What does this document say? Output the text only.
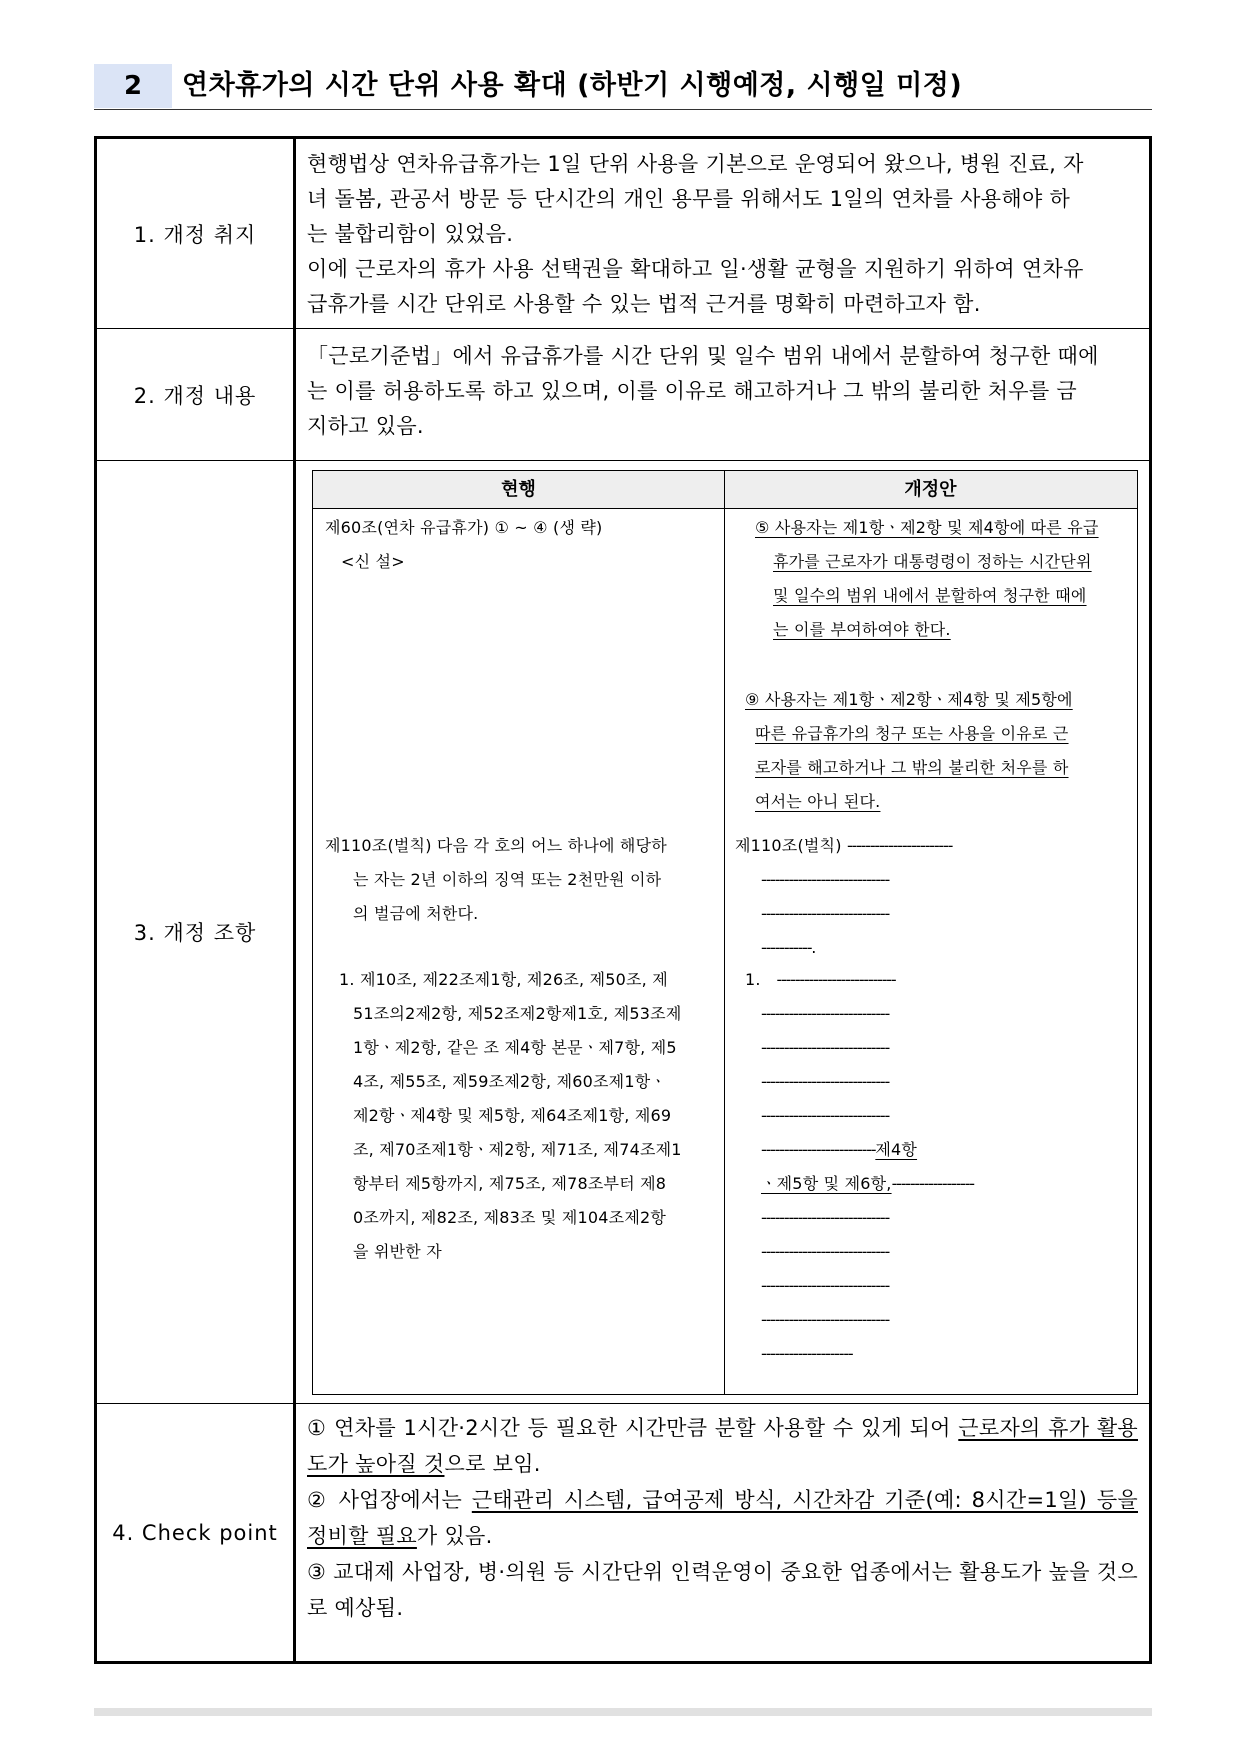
2	연차휴가의 시간 단위 사용 확대 (하반기 시행예정, 시행일 미정)
1. 개정 취지

현행법상 연차유급휴가는 1일 단위 사용을 기본으로 운영되어 왔으나, 병원 진료, 자

녀 돌봄, 관공서 방문 등 단시간의 개인 용무를 위해서도 1일의 연차를 사용해야 하

는 불합리함이 있었음.

이에 근로자의 휴가 사용 선택권을 확대하고 일·생활 균형을 지원하기 위하여 연차유

급휴가를 시간 단위로 사용할 수 있는 법적 근거를 명확히 마련하고자 함.

2. 개정 내용

「근로기준법」에서 유급휴가를 시간 단위 및 일수 범위 내에서 분할하여 청구한 때에

는 이를 허용하도록 하고 있으며, 이를 이유로 해고하거나 그 밖의 불리한 처우를 금

지하고 있음.

3. 개정 조항
현행	개정안
제60조(연차 유급휴가) ① ~ ④ (생 략)
<신 설>
제110조(벌칙) 다음 각 호의 어느 하나에 해당하
는 자는 2년 이하의 징역 또는 2천만원 이하
의 벌금에 처한다.
1. 제10조, 제22조제1항, 제26조, 제50조, 제
51조의2제2항, 제52조제2항제1호, 제53조제
1항ㆍ제2항, 같은 조 제4항 본문ㆍ제7항, 제5
4조, 제55조, 제59조제2항, 제60조제1항ㆍ
제2항ㆍ제4항 및 제5항, 제64조제1항, 제69
조, 제70조제1항ㆍ제2항, 제71조, 제74조제1
항부터 제5항까지, 제75조, 제78조부터 제8
0조까지, 제82조, 제83조 및 제104조제2항
을 위반한 자
⑤ 사용자는 제1항ㆍ제2항 및 제4항에 따른 유급
휴가를 근로자가 대통령령이 정하는 시간단위
및 일수의 범위 내에서 분할하여 청구한 때에
는 이를 부여하여야 한다.
⑨ 사용자는 제1항ㆍ제2항ㆍ제4항 및 제5항에
따른 유급휴가의 청구 또는 사용을 이유로 근
로자를 해고하거나 그 밖의 불리한 처우를 하
여서는 아니 된다.
제110조(벌칙) -----------------------
----------------------------
----------------------------
-----------.
1. --------------------------
----------------------------
----------------------------
----------------------------
----------------------------
-------------------------제4항
ㆍ제5항 및 제6항,------------------
----------------------------
----------------------------
----------------------------
----------------------------
--------------------
4. Check point

① 연차를 1시간·2시간 등 필요한 시간만큼 분할 사용할 수 있게 되어 근로자의 휴가 활용도가 높아질 것으로 보임.

② 사업장에서는 근태관리 시스템, 급여공제 방식, 시간차감 기준(예: 8시간=1일) 등을 정비할 필요가 있음.

③ 교대제 사업장, 병·의원 등 시간단위 인력운영이 중요한 업종에서는 활용도가 높을 것으로 예상됨.
